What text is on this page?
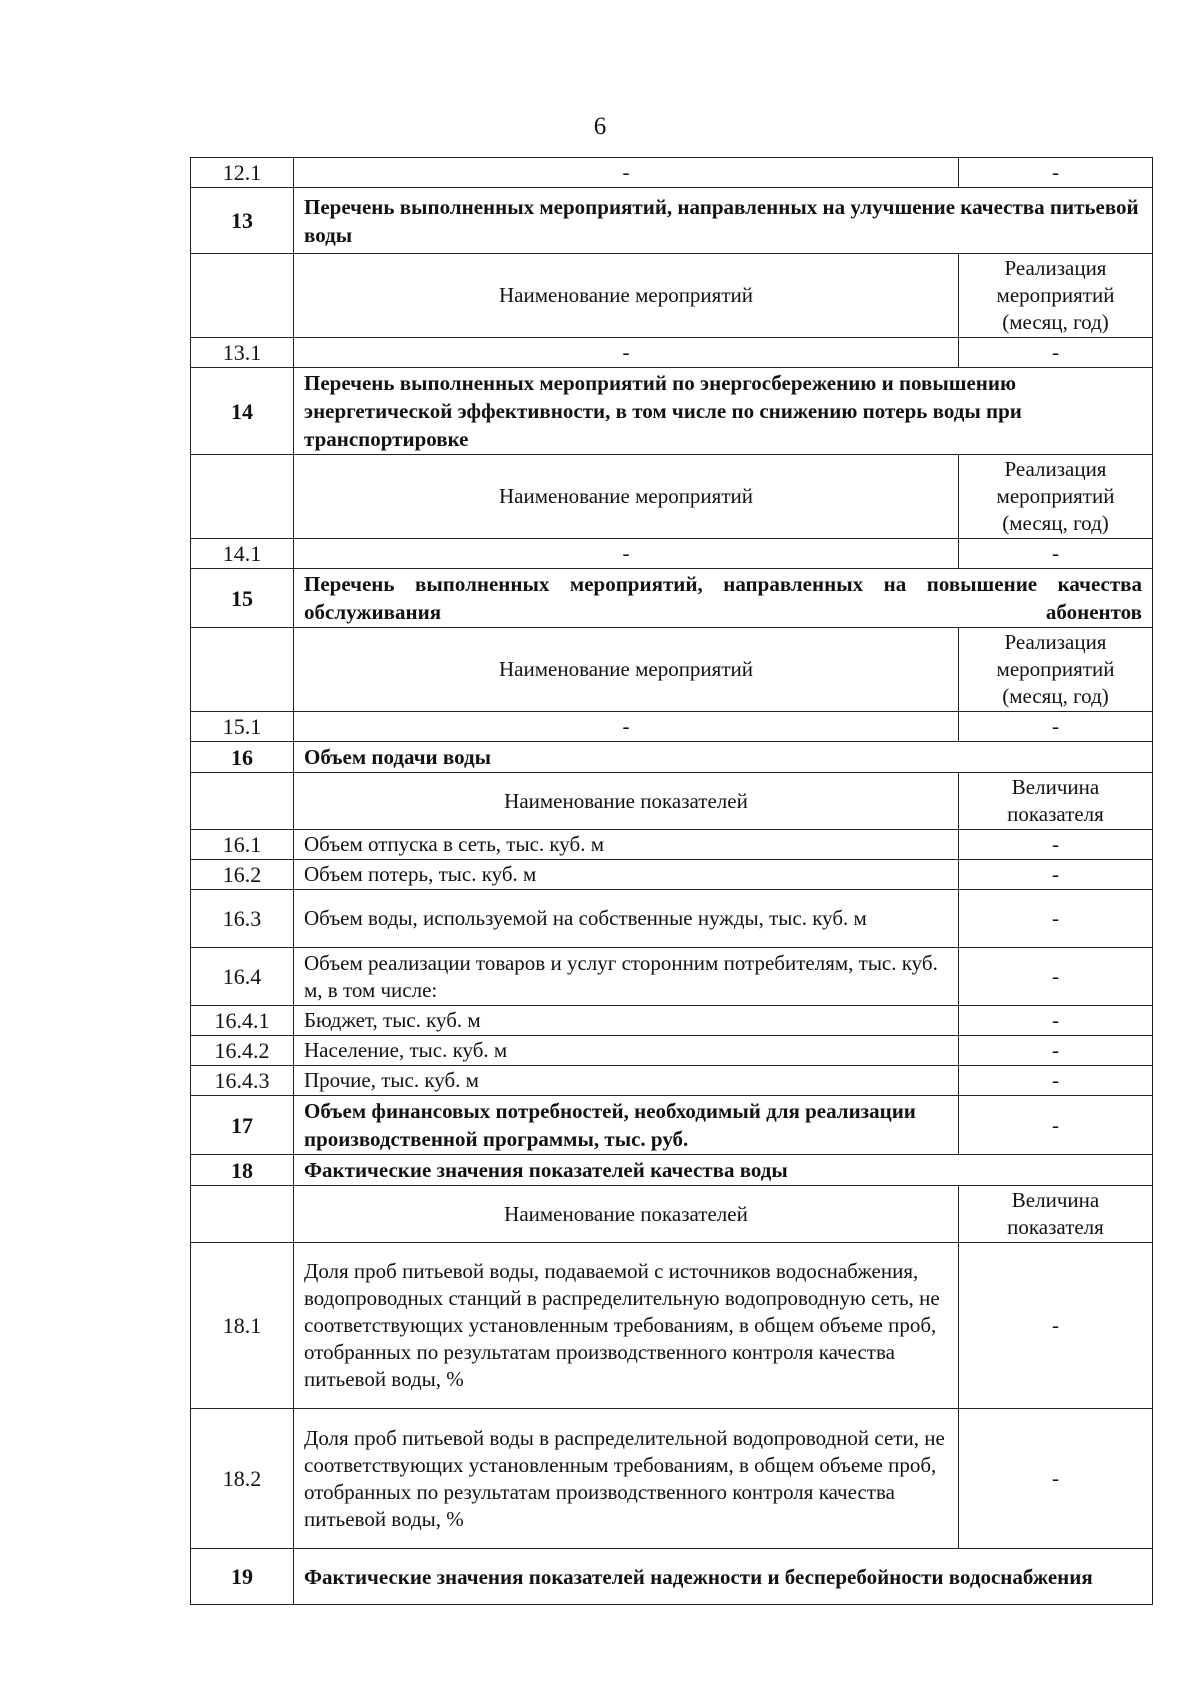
6
12.1	-	-
13	Перечень выполненных мероприятий, направленных на улучшение качества питьевой воды	
	Наименование мероприятий	Реализация мероприятий (месяц, год)
13.1	-	-
14	Перечень выполненных мероприятий по энергосбережению и повышению энергетической эффективности, в том числе по снижению потерь воды при транспортировке	
	Наименование мероприятий	Реализация мероприятий (месяц, год)
14.1	-	-
15	Перечень выполненных мероприятий, направленных на повышение качества обслуживания абонентов	
	Наименование мероприятий	Реализация мероприятий (месяц, год)
15.1	-	-
16	Объем подачи воды	
	Наименование показателей	Величина показателя
16.1	Объем отпуска в сеть, тыс. куб. м	-
16.2	Объем потерь, тыс. куб. м	-
16.3	Объем воды, используемой на собственные нужды, тыс. куб. м	-
16.4	Объем реализации товаров и услуг сторонним потребителям, тыс. куб. м, в том числе:	-
16.4.1	Бюджет, тыс. куб. м	-
16.4.2	Население, тыс. куб. м	-
16.4.3	Прочие, тыс. куб. м	-
17	Объем финансовых потребностей, необходимый для реализации производственной программы, тыс. руб.	-
18	Фактические значения показателей качества воды	
	Наименование показателей	Величина показателя
18.1	Доля проб питьевой воды, подаваемой с источников водоснабжения, водопроводных станций в распределительную водопроводную сеть, не соответствующих установленным требованиям, в общем объеме проб, отобранных по результатам производственного контроля качества питьевой воды, %	-
18.2	Доля проб питьевой воды в распределительной водопроводной сети, не соответствующих установленным требованиям, в общем объеме проб, отобранных по результатам производственного контроля качества питьевой воды, %	-
19	Фактические значения показателей надежности и бесперебойности водоснабжения	
